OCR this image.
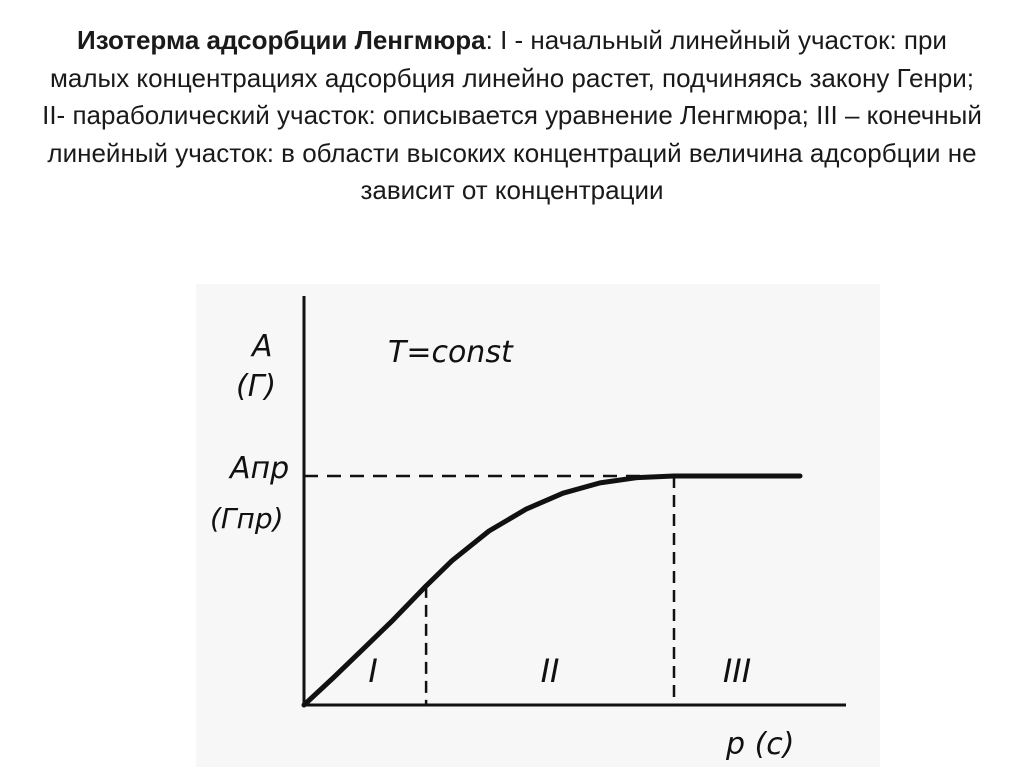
Изотерма адсорбции Ленгмюра: I - начальный линейный участок: при малых концентрациях адсорбция линейно растет, подчиняясь закону Генри; II- параболический участок: описывается уравнение Ленгмюра; III – конечный линейный участок: в области высоких концентраций величина адсорбции не зависит от концентрации
A
(Г)
T=const
Aпр
(Гпр)
p (c)
I	II	III
